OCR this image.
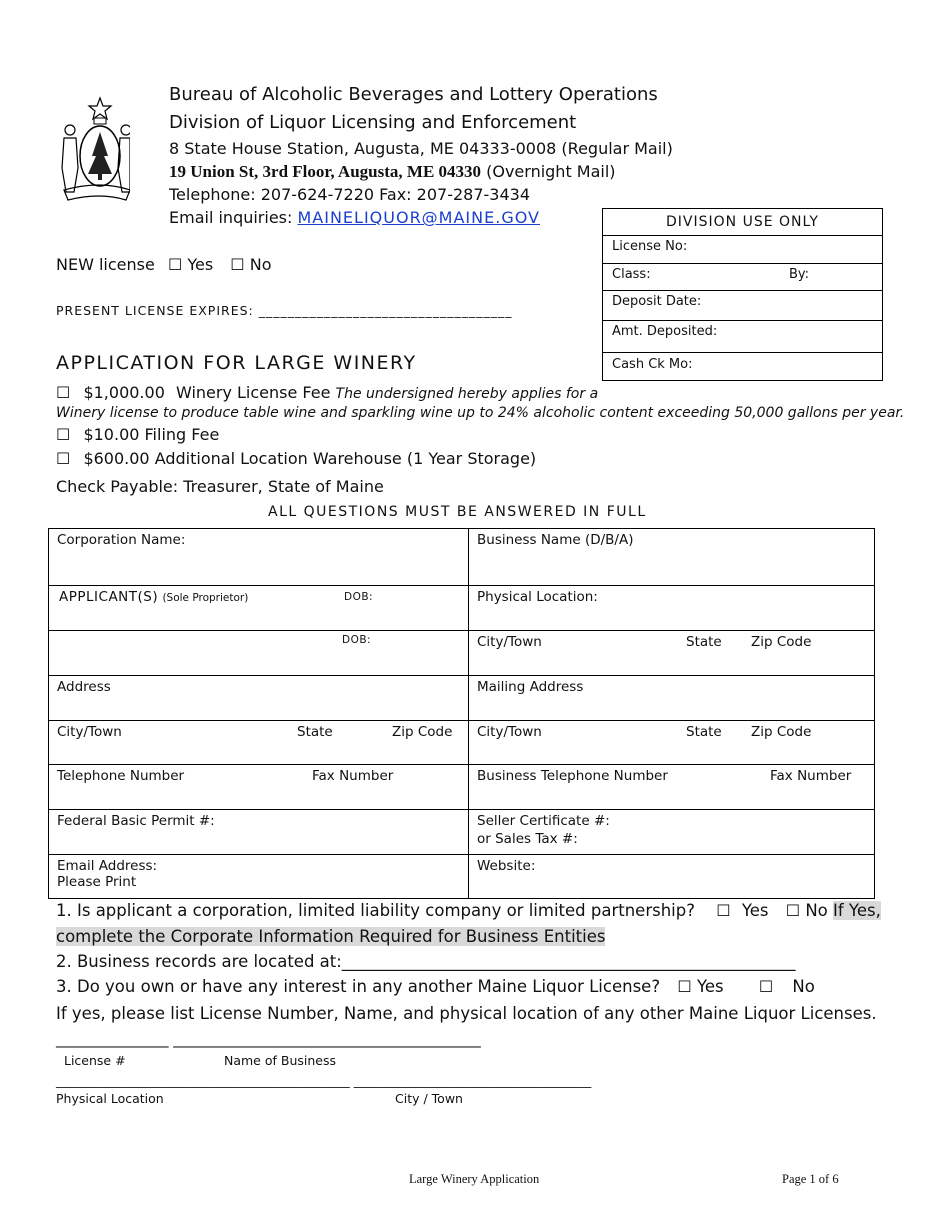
Bureau of Alcoholic Beverages and Lottery Operations
Division of Liquor Licensing and Enforcement
8 State House Station, Augusta, ME 04333-0008 (Regular Mail)
19 Union St, 3rd Floor, Augusta, ME 04330 (Overnight Mail)
Telephone: 207-624-7220 Fax: 207-287-3434
Email inquiries: MAINELIQUOR@MAINE.GOV	DIVISION USE ONLY
License No:
Class:	By:
Deposit Date:
Amt. Deposited:
Cash Ck Mo:
NEW license ☐ Yes ☐ No
PRESENT LICENSE EXPIRES: ___________________________________
APPLICATION FOR LARGE WINERY
☐ $1,000.00 Winery License Fee The undersigned hereby applies for a
Winery license to produce table wine and sparkling wine up to 24% alcoholic content exceeding 50,000 gallons per year.
☐ $10.00 Filing Fee
☐ $600.00 Additional Location Warehouse (1 Year Storage)
Check Payable: Treasurer, State of Maine
ALL QUESTIONS MUST BE ANSWERED IN FULL
Corporation Name:	Business Name (D/B/A)
APPLICANT(S) (Sole Proprietor) DOB:	Physical Location:

DOB:	City/Town State Zip Code

Address	Mailing Address
City/Town State Zip Code	City/Town State Zip Code

Telephone Number Fax Number	Business Telephone Number Fax Number

Federal Basic Permit #:	Seller Certificate #:
or Sales Tax #:

Email Address:
Please Print	Website:
1. Is applicant a corporation, limited liability company or limited partnership? ☐ Yes ☐ No If Yes,
complete the Corporate Information Required for Business Entities
2. Business records are located at:_______________________________________________________
3. Do you own or have any interest in any another Maine Liquor License? ☐ Yes ☐ No
If yes, please list License Number, Name, and physical location of any other Maine Liquor Licenses.
_______________ _________________________________________
License #	Name of Business
_______________________________________________ ______________________________________
Physical Location	City / Town
Large Winery Application	Page 1 of 6
